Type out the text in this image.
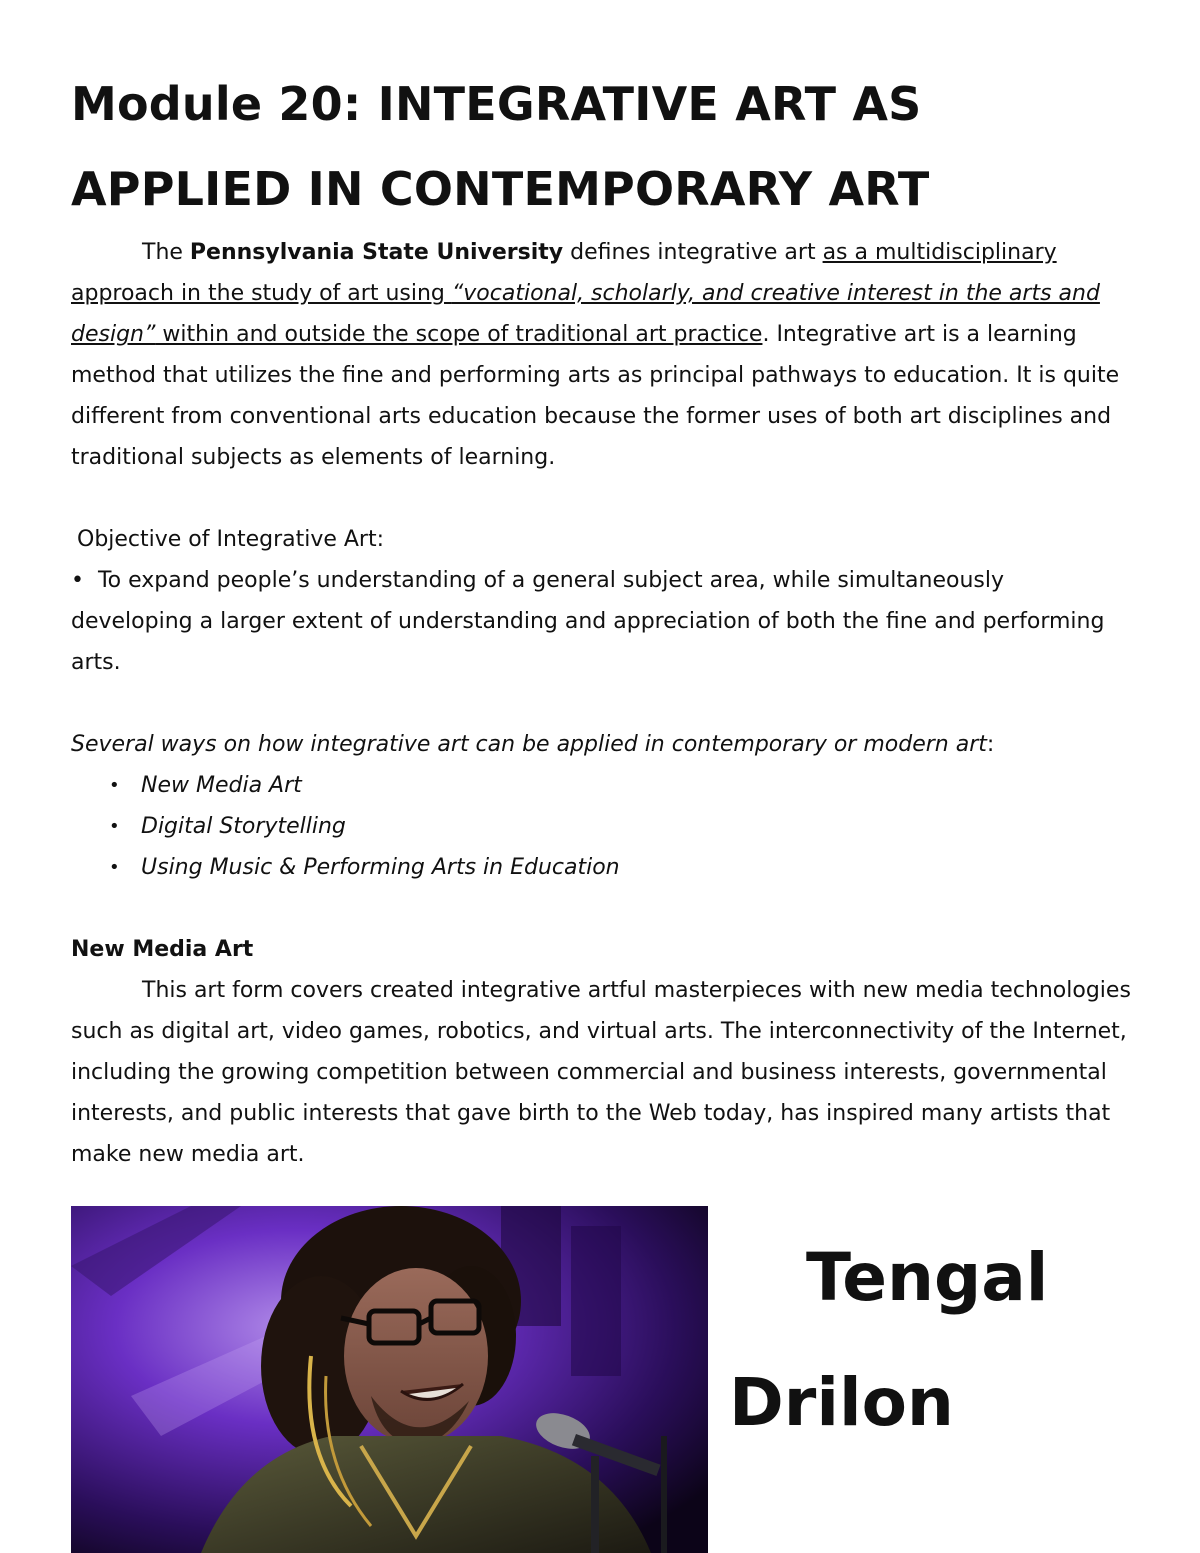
Module 20: INTEGRATIVE ART AS
APPLIED IN CONTEMPORARY ART

The Pennsylvania State University defines integrative art as a multidisciplinary approach in the study of art using “vocational, scholarly, and creative interest in the arts and design” within and outside the scope of traditional art practice. Integrative art is a learning method that utilizes the fine and performing arts as principal pathways to education. It is quite different from conventional arts education because the former uses of both art disciplines and traditional subjects as elements of learning.

Objective of Integrative Art:

• To expand people’s understanding of a general subject area, while simultaneously developing a larger extent of understanding and appreciation of both the fine and performing arts.

Several ways on how integrative art can be applied in contemporary or modern art:

• New Media Art
• Digital Storytelling
• Using Music & Performing Arts in Education

New Media Art

This art form covers created integrative artful masterpieces with new media technologies such as digital art, video games, robotics, and virtual arts. The interconnectivity of the Internet, including the growing competition between commercial and business interests, governmental interests, and public interests that gave birth to the Web today, has inspired many artists that make new media art.

Tengal
Drilon
